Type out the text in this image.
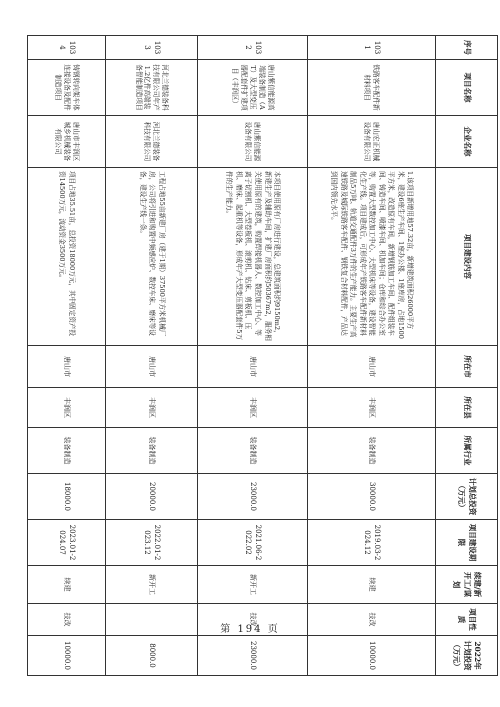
序号	项目名称	企业名称	项目建设内容	所在市	所在县	所属行业	计划总投资（万元）	项目建设期限	续建/新开工/谋划	项目性质	2022年计划投资（万元）
1031	铁路客车配件新材料项目	唐山宏正机械设备有限公司	1.该项目新增用地57.32亩，新增建筑面积26000平方米，建设6座生产车间、1座办公楼、1座库房，占地1500平方米，改造原有车间，新增钢筋加工车间、配件组装车间、铸造车间、喷漆车间、机加车间；仓库和综合办公室等，购置大型数控加工中心、大型机床等设备，建设智能化生产线。项目建成后，可形成年产铁路客车配件新材料制品5万吨、轨道交通配件3万件的生产能力。主要生产高速铁路及城际铁路客车配件、钢铁复合材料配件，产品达到国内领先水平。	唐山市	丰润区	装备制造	30000.0	2019.03-2024.12	续建	技改	10000.0
1032	唐山紫信能源高端装备制造（AT）及大型变压器配套件扩建项目（丰润区）	唐山紫信能源设备有限公司	本项目使用原有厂房进行建设，总建筑面积约9150m2，新建生产及辅助车间，扩建厂房面积约50367m2，服务相关使用原有的建筑，购置焊接机器人、数控加工中心、等离子切割机、大型卷板机、滚剪机、钻床、剪板机、压机、磨床、起重机等设备，形成年产大型变压器配套件5万件的生产能力。	唐山市	丰润区	装备制造	23000.0	2021.06-2022.02	新开工	技改	23000.0
1033	河北兰德装备科技有限公司年产1.2亿件高端装备智能制造项目	河北兰德装备科技有限公司	工程占地55亩新建厂房（建于1期）37500平方米机械厂房，公司将引进和购置中频感应炉、数控车床、磨床等设备，建设生产线一条。	唐山市	丰润区	装备制造	20000.0	2022.01-2023.12	新开工		8000.0
1034	铸钢转向架车体连接设备及配件制造项目	唐山市丰润区城乡机械装备有限公司	项目占地35.51亩，总投资18000万元，其中固定资产投资14500万元，流动资金3500万元。	唐山市	丰润区	装备制造	18000.0	2023.01-2024.07	续建	技改	10000.0
第 194 页
